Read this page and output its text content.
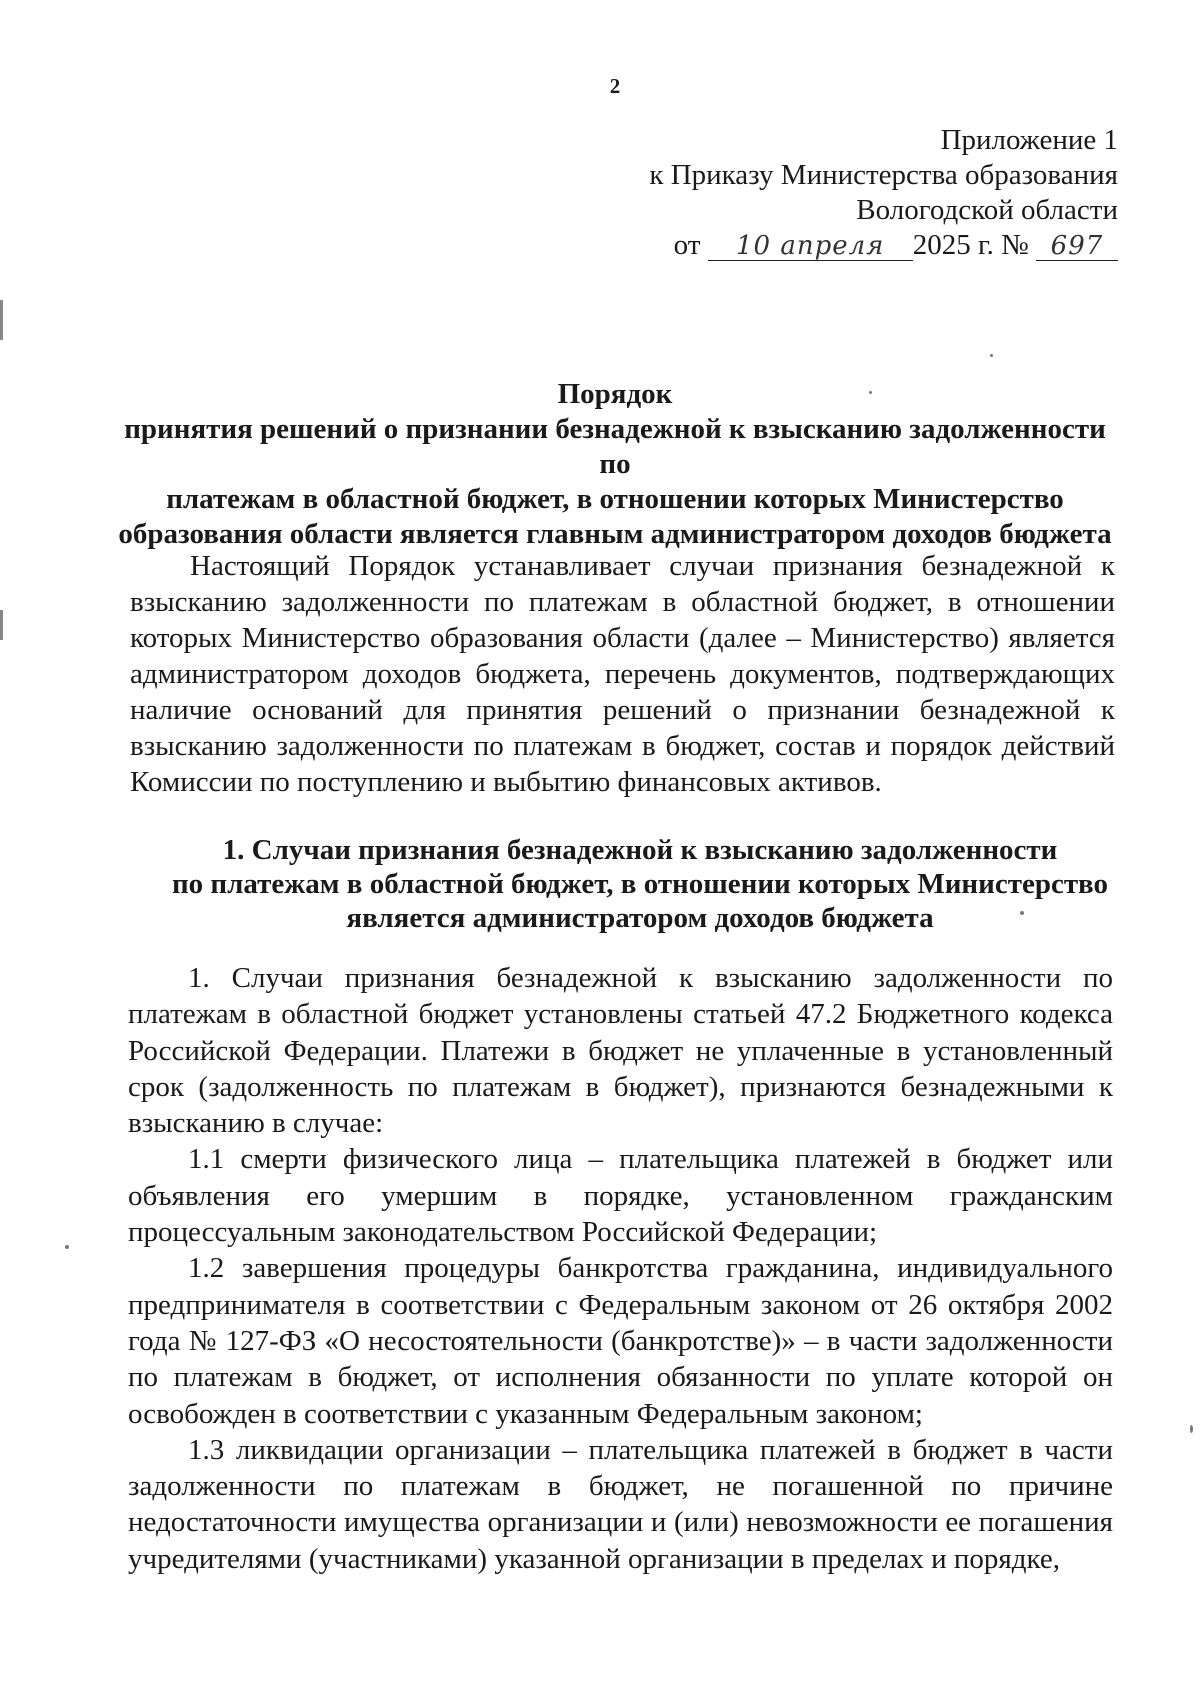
2
Приложение 1
к Приказу Министерства образования
Вологодской области
от 10 апреля 2025 г. № 697
Порядок
принятия решений о признании безнадежной к взысканию задолженности по
платежам в областной бюджет, в отношении которых Министерство
образования области является главным администратором доходов бюджета

Настоящий Порядок устанавливает случаи признания безнадежной к взысканию задолженности по платежам в областной бюджет, в отношении которых Министерство образования области (далее – Министерство) является администратором доходов бюджета, перечень документов, подтверждающих наличие оснований для принятия решений о признании безнадежной к взысканию задолженности по платежам в бюджет, состав и порядок действий Комиссии по поступлению и выбытию финансовых активов.

1. Случаи признания безнадежной к взысканию задолженности
по платежам в областной бюджет, в отношении которых Министерство
является администратором доходов бюджета

1. Случаи признания безнадежной к взысканию задолженности по платежам в областной бюджет установлены статьей 47.2 Бюджетного кодекса Российской Федерации. Платежи в бюджет не уплаченные в установленный срок (задолженность по платежам в бюджет), признаются безнадежными к взысканию в случае:

1.1 смерти физического лица – плательщика платежей в бюджет или объявления его умершим в порядке, установленном гражданским процессуальным законодательством Российской Федерации;

1.2 завершения процедуры банкротства гражданина, индивидуального предпринимателя в соответствии с Федеральным законом от 26 октября 2002 года № 127-ФЗ «О несостоятельности (банкротстве)» – в части задолженности по платежам в бюджет, от исполнения обязанности по уплате которой он освобожден в соответствии с указанным Федеральным законом;

1.3 ликвидации организации – плательщика платежей в бюджет в части задолженности по платежам в бюджет, не погашенной по причине недостаточности имущества организации и (или) невозможности ее погашения учредителями (участниками) указанной организации в пределах и порядке,
